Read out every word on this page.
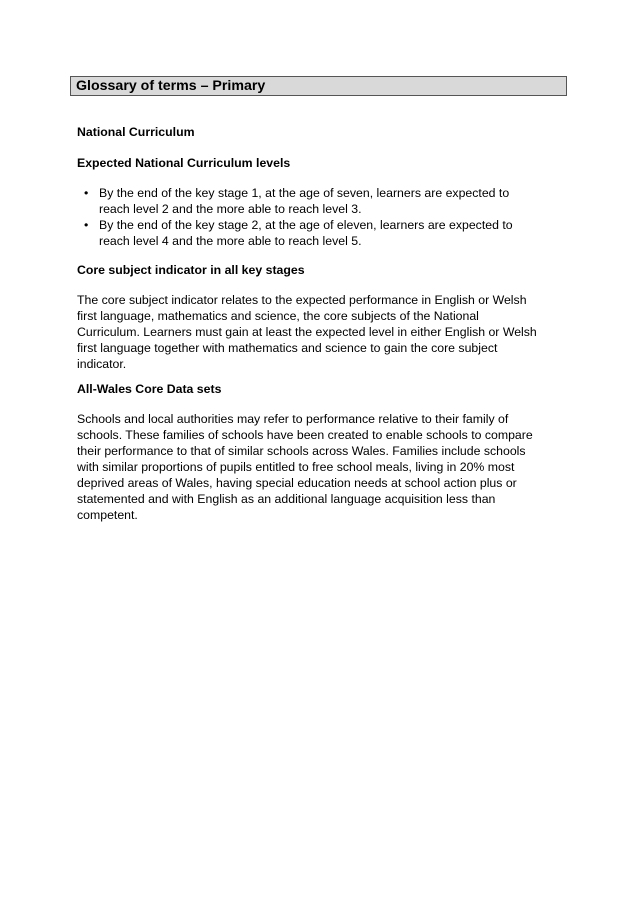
Glossary of terms – Primary
National Curriculum
Expected National Curriculum levels
• By the end of the key stage 1, at the age of seven, learners are expected to
reach level 2 and the more able to reach level 3.
• By the end of the key stage 2, at the age of eleven, learners are expected to
reach level 4 and the more able to reach level 5.
Core subject indicator in all key stages
The core subject indicator relates to the expected performance in English or Welsh
first language, mathematics and science, the core subjects of the National
Curriculum. Learners must gain at least the expected level in either English or Welsh
first language together with mathematics and science to gain the core subject
indicator.
All-Wales Core Data sets
Schools and local authorities may refer to performance relative to their family of
schools. These families of schools have been created to enable schools to compare
their performance to that of similar schools across Wales. Families include schools
with similar proportions of pupils entitled to free school meals, living in 20% most
deprived areas of Wales, having special education needs at school action plus or
statemented and with English as an additional language acquisition less than
competent.
